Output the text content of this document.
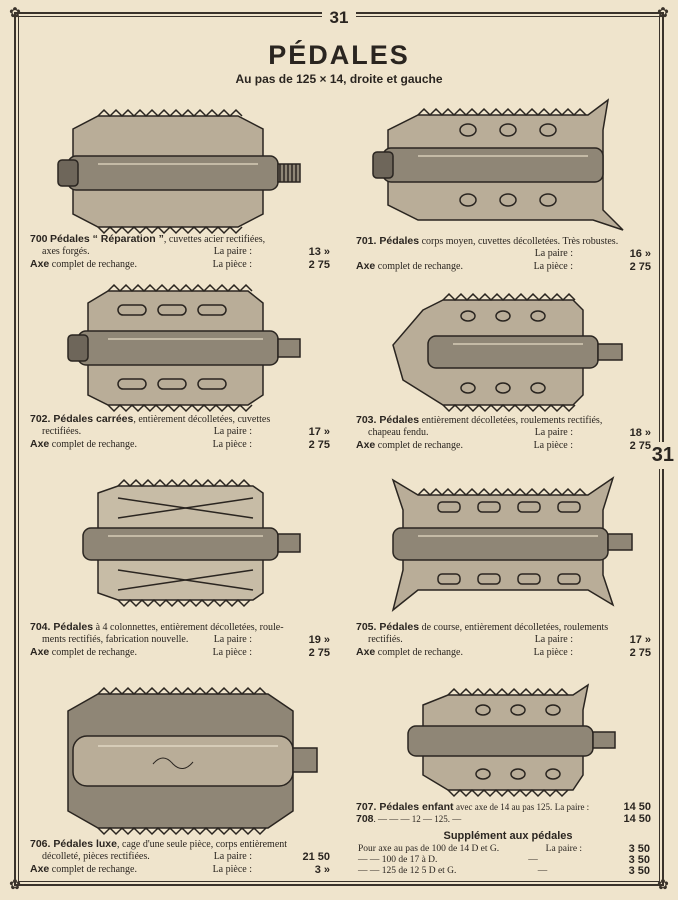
✿	✿
✿	✿
31
PÉDALES
Au pas de 125 × 14, droite et gauche
31
700 Pédales “ Réparation ”, cuvettes acier rectifiées,
axes forgés.	La paire :	13 »
Axe complet de rechange.	La pièce :	2 75
701. Pédales corps moyen, cuvettes décolletées. Très robustes.
La paire :	16 »
Axe complet de rechange.	La pièce :	2 75
702. Pédales carrées, entièrement décolletées, cuvettes
rectifiées.	La paire :	17 »
Axe complet de rechange.	La pièce :	2 75
703. Pédales entièrement décolletées, roulements rectifiés,
chapeau fendu.	La paire :	18 »
Axe complet de rechange.	La pièce :	2 75
704. Pédales à 4 colonnettes, entièrement décolletées, roule-
ments rectifiés, fabrication nouvelle.	La paire :	19 »
Axe complet de rechange.	La pièce :	2 75
705. Pédales de course, entièrement décolletées, roulements
rectifiés.	La paire :	17 »
Axe complet de rechange.	La pièce :	2 75
706. Pédales luxe, cage d'une seule pièce, corps entièrement
décolleté, pièces rectifiées.	La paire :	21 50
Axe complet de rechange.	La pièce :	3 »
707. Pédales enfant avec axe de 14 au pas 125. La paire :	14 50
708. — — — 12 — 125. —	14 50
Supplément aux pédales
Pour axe au pas de 100 de 14 D et G.	La paire :	3 50
— — 100 de 17 à D.	—	3 50
— — 125 de 12 5 D et G.	—	3 50
